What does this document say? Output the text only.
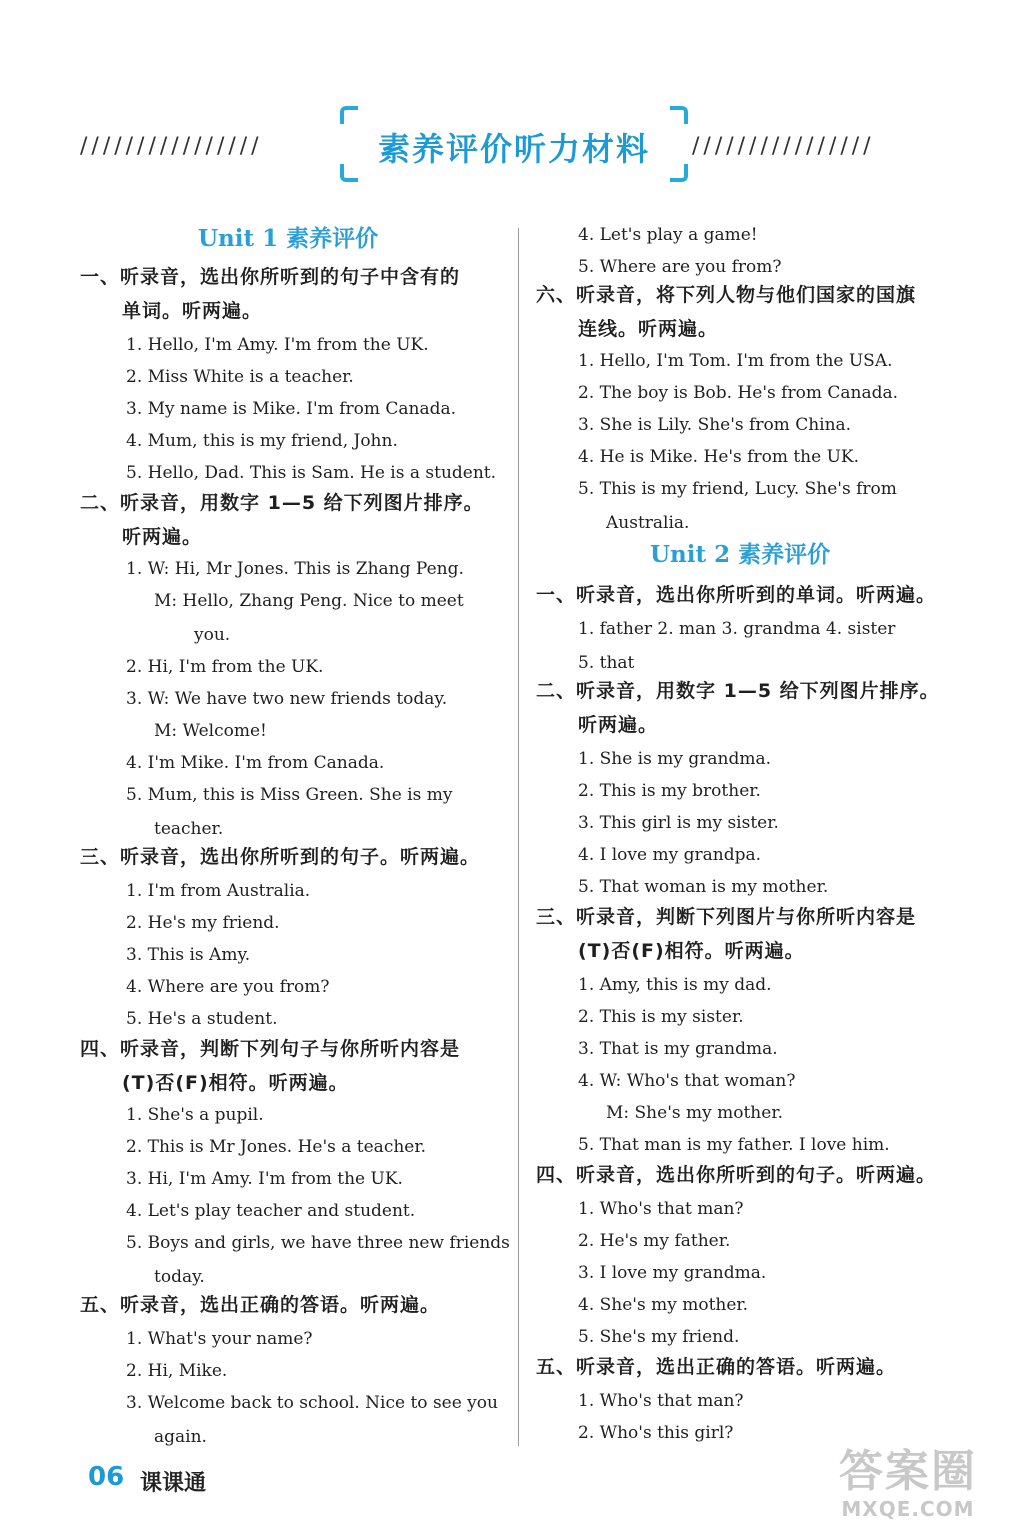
////////////////	素养评价听力材料	////////////////
Unit 1 素养评价
一、听录音，选出你所听到的句子中含有的
单词。听两遍。
1. Hello, I'm Amy. I'm from the UK.
2. Miss White is a teacher.
3. My name is Mike. I'm from Canada.
4. Mum, this is my friend, John.
5. Hello, Dad. This is Sam. He is a student.
二、听录音，用数字 1—5 给下列图片排序。
听两遍。
1. W: Hi, Mr Jones. This is Zhang Peng.
M: Hello, Zhang Peng. Nice to meet
you.
2. Hi, I'm from the UK.
3. W: We have two new friends today.
M: Welcome!
4. I'm Mike. I'm from Canada.
5. Mum, this is Miss Green. She is my
teacher.
三、听录音，选出你所听到的句子。听两遍。
1. I'm from Australia.
2. He's my friend.
3. This is Amy.
4. Where are you from?
5. He's a student.
四、听录音，判断下列句子与你所听内容是
(T)否(F)相符。听两遍。
1. She's a pupil.
2. This is Mr Jones. He's a teacher.
3. Hi, I'm Amy. I'm from the UK.
4. Let's play teacher and student.
5. Boys and girls, we have three new friends
today.
五、听录音，选出正确的答语。听两遍。
1. What's your name?
2. Hi, Mike.
3. Welcome back to school. Nice to see you
again.
4. Let's play a game!
5. Where are you from?
六、听录音，将下列人物与他们国家的国旗
连线。听两遍。
1. Hello, I'm Tom. I'm from the USA.
2. The boy is Bob. He's from Canada.
3. She is Lily. She's from China.
4. He is Mike. He's from the UK.
5. This is my friend, Lucy. She's from
Australia.
Unit 2 素养评价
一、听录音，选出你所听到的单词。听两遍。
1. father 2. man 3. grandma 4. sister
5. that
二、听录音，用数字 1—5 给下列图片排序。
听两遍。
1. She is my grandma.
2. This is my brother.
3. This girl is my sister.
4. I love my grandpa.
5. That woman is my mother.
三、听录音，判断下列图片与你所听内容是
(T)否(F)相符。听两遍。
1. Amy, this is my dad.
2. This is my sister.
3. That is my grandma.
4. W: Who's that woman?
M: She's my mother.
5. That man is my father. I love him.
四、听录音，选出你所听到的句子。听两遍。
1. Who's that man?
2. He's my father.
3. I love my grandma.
4. She's my mother.
5. She's my friend.
五、听录音，选出正确的答语。听两遍。
1. Who's that man?
2. Who's this girl?
06 课课通	答案圈
MXQE.COM
